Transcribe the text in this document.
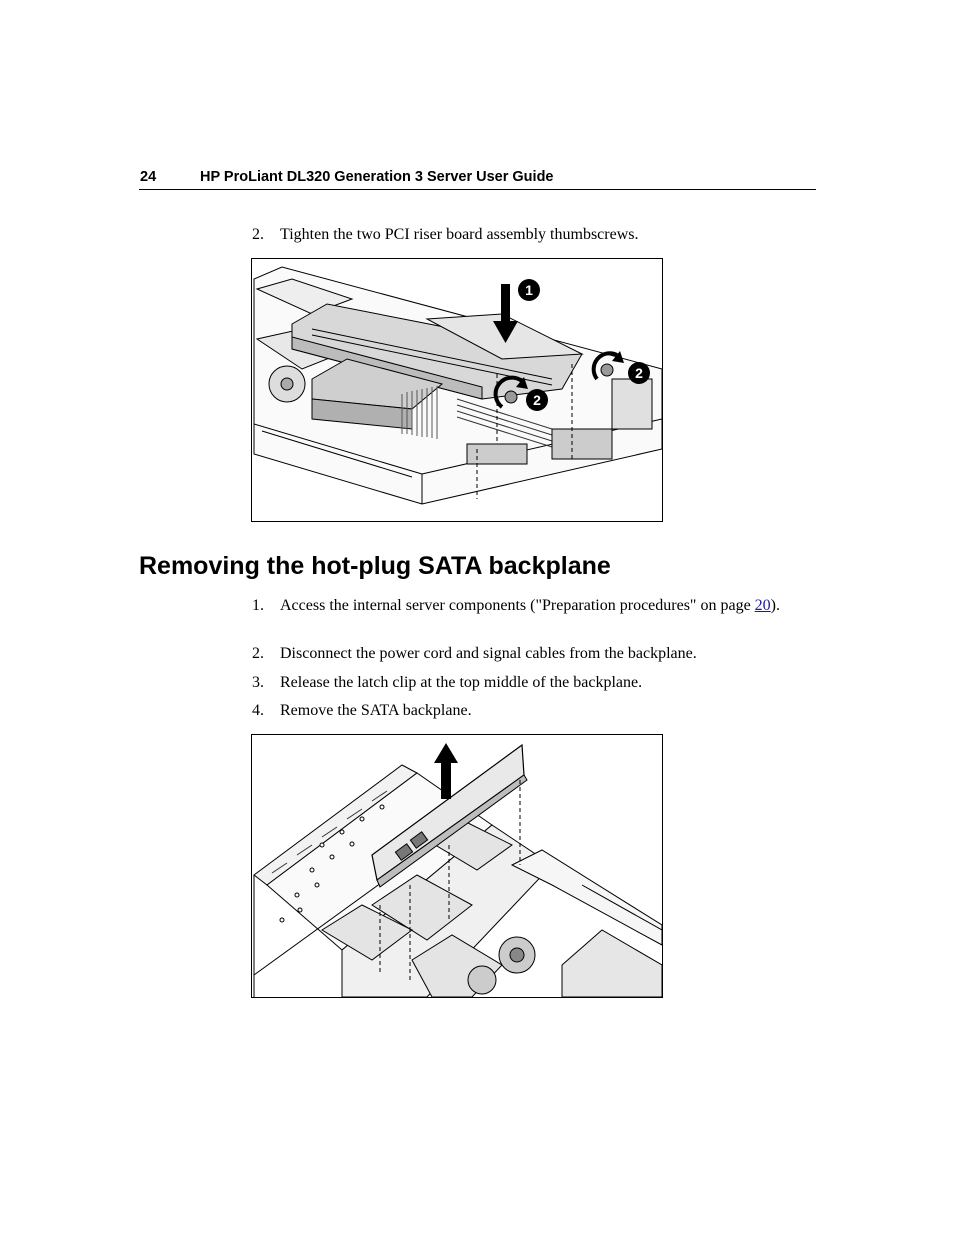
24	HP ProLiant DL320 Generation 3 Server User Guide
2. Tighten the two PCI riser board assembly thumbscrews.
1
2
2
Removing the hot-plug SATA backplane
1. Access the internal server components ("Preparation procedures" on page 20).
2. Disconnect the power cord and signal cables from the backplane.
3. Release the latch clip at the top middle of the backplane.
4. Remove the SATA backplane.
